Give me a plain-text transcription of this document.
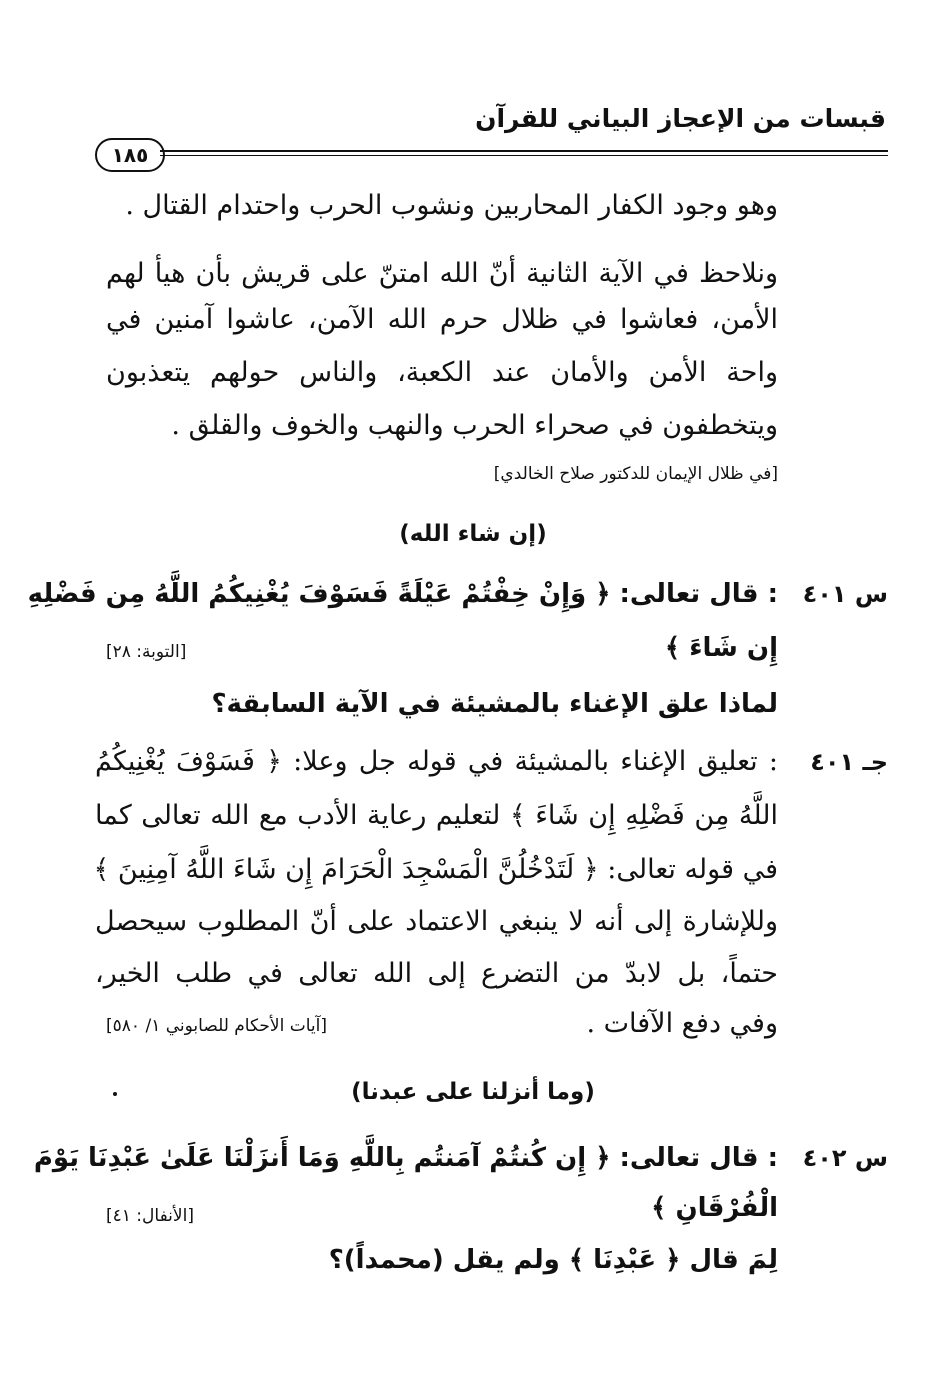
قبسات من الإعجاز البياني للقرآن
١٨٥
وهو وجود الكفار المحاربين ونشوب الحرب واحتدام القتال .
ونلاحظ في الآية الثانية أنّ الله امتنّ على قريش بأن هيأ لهم
الأمن، فعاشوا في ظلال حرم الله الآمن، عاشوا آمنين في
واحة الأمن والأمان عند الكعبة، والناس حولهم يتعذبون
ويتخطفون في صحراء الحرب والنهب والخوف والقلق .
[في ظلال الإيمان للدكتور صلاح الخالدي]
(إن شاء الله)
س ٤٠١
: قال تعالى: ﴿ وَإِنْ خِفْتُمْ عَيْلَةً فَسَوْفَ يُغْنِيكُمُ اللَّهُ مِن فَضْلِهِ
إِن شَاءَ ﴾
[التوبة: ٢٨]
لماذا علق الإغناء بالمشيئة في الآية السابقة؟
جـ ٤٠١
: تعليق الإغناء بالمشيئة في قوله جل وعلا: ﴿ فَسَوْفَ يُغْنِيكُمُ
اللَّهُ مِن فَضْلِهِ إِن شَاءَ ﴾ لتعليم رعاية الأدب مع الله تعالى كما
في قوله تعالى: ﴿ لَتَدْخُلُنَّ الْمَسْجِدَ الْحَرَامَ إِن شَاءَ اللَّهُ آمِنِينَ ﴾
وللإشارة إلى أنه لا ينبغي الاعتماد على أنّ المطلوب سيحصل
حتماً، بل لابدّ من التضرع إلى الله تعالى في طلب الخير،
وفي دفع الآفات .
[آيات الأحكام للصابوني ١/ ٥٨٠]
(وما أنزلنا على عبدنا)
س ٤٠٢
: قال تعالى: ﴿ إِن كُنتُمْ آمَنتُم بِاللَّهِ وَمَا أَنزَلْنَا عَلَىٰ عَبْدِنَا يَوْمَ
الْفُرْقَانِ ﴾
[الأنفال: ٤١]
لِمَ قال ﴿ عَبْدِنَا ﴾ ولم يقل (محمداً)؟
